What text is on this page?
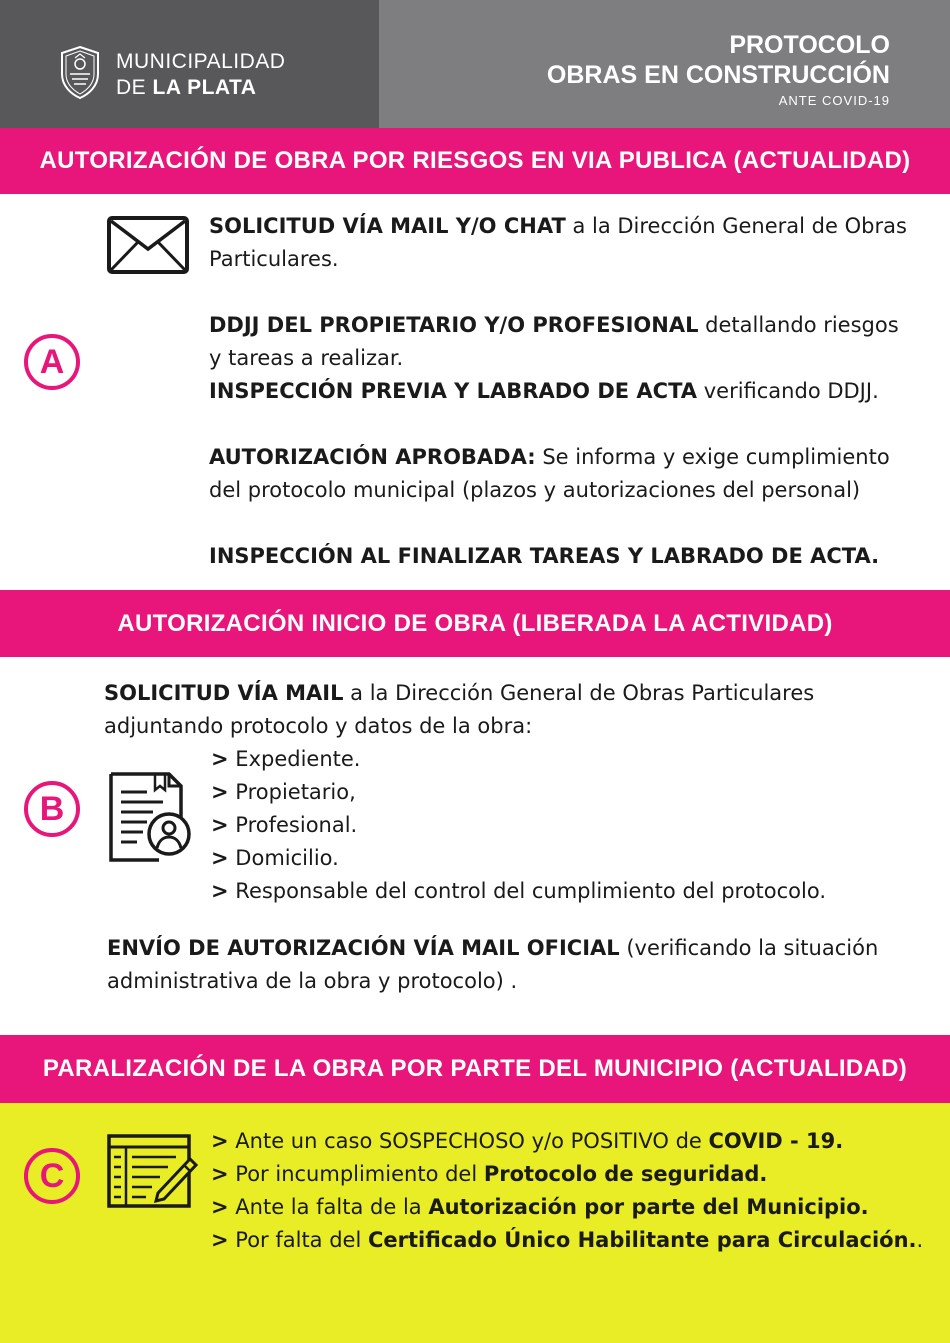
MUNICIPALIDAD
DE LA PLATA
PROTOCOLO
OBRAS EN CONSTRUCCIÓN
ANTE COVID-19
AUTORIZACIÓN DE OBRA POR RIESGOS EN VIA PUBLICA (ACTUALIDAD)
A
SOLICITUD VÍA MAIL Y/O CHAT a la Dirección General de Obras
Particulares.
DDJJ DEL PROPIETARIO Y/O PROFESIONAL detallando riesgos
y tareas a realizar.
INSPECCIÓN PREVIA Y LABRADO DE ACTA verificando DDJJ.
AUTORIZACIÓN APROBADA: Se informa y exige cumplimiento
del protocolo municipal (plazos y autorizaciones del personal)
INSPECCIÓN AL FINALIZAR TAREAS Y LABRADO DE ACTA.
AUTORIZACIÓN INICIO DE OBRA (LIBERADA LA ACTIVIDAD)
B
SOLICITUD VÍA MAIL a la Dirección General de Obras Particulares
adjuntando protocolo y datos de la obra:
> Expediente.
> Propietario,
> Profesional.
> Domicilio.
> Responsable del control del cumplimiento del protocolo.
ENVÍO DE AUTORIZACIÓN VÍA MAIL OFICIAL (verificando la situación
administrativa de la obra y protocolo) .
PARALIZACIÓN DE LA OBRA POR PARTE DEL MUNICIPIO (ACTUALIDAD)
C
> Ante un caso SOSPECHOSO y/o POSITIVO de COVID - 19.
> Por incumplimiento del Protocolo de seguridad.
> Ante la falta de la Autorización por parte del Municipio.
> Por falta del Certificado Único Habilitante para Circulación..
